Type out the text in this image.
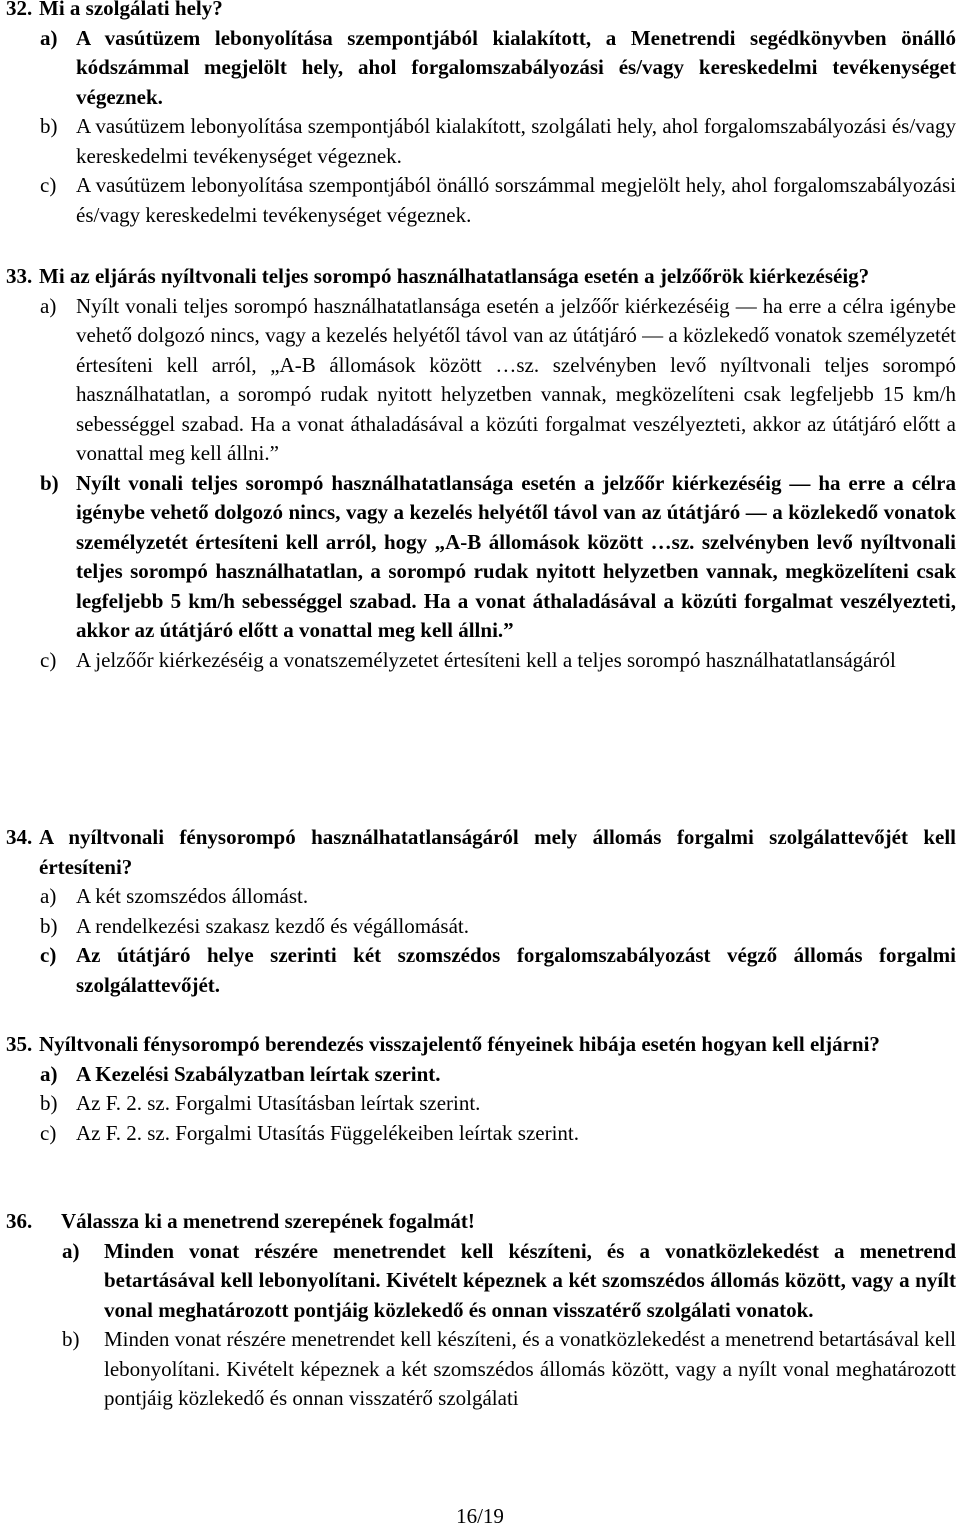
32. Mi a szolgálati hely?
a) A vasútüzem lebonyolítása szempontjából kialakított, a Menetrendi segédkönyvben önálló kódszámmal megjelölt hely, ahol forgalomszabályozási és/vagy kereskedelmi tevékenységet végeznek.
b) A vasútüzem lebonyolítása szempontjából kialakított, szolgálati hely, ahol forgalomszabályozási és/vagy kereskedelmi tevékenységet végeznek.
c) A vasútüzem lebonyolítása szempontjából önálló sorszámmal megjelölt hely, ahol forgalomszabályozási és/vagy kereskedelmi tevékenységet végeznek.
33. Mi az eljárás nyíltvonali teljes sorompó használhatatlansága esetén a jelzőőrök kiérkezéséig?
a) Nyílt vonali teljes sorompó használhatatlansága esetén a jelzőőr kiérkezéséig — ha erre a célra igénybe vehető dolgozó nincs, vagy a kezelés helyétől távol van az útátjáró — a közlekedő vonatok személyzetét értesíteni kell arról, „A-B állomások között …sz. szelvényben levő nyíltvonali teljes sorompó használhatatlan, a sorompó rudak nyitott helyzetben vannak, megközelíteni csak legfeljebb 15 km/h sebességgel szabad. Ha a vonat áthaladásával a közúti forgalmat veszélyezteti, akkor az útátjáró előtt a vonattal meg kell állni.”
b) Nyílt vonali teljes sorompó használhatatlansága esetén a jelzőőr kiérkezéséig — ha erre a célra igénybe vehető dolgozó nincs, vagy a kezelés helyétől távol van az útátjáró — a közlekedő vonatok személyzetét értesíteni kell arról, hogy „A-B állomások között …sz. szelvényben levő nyíltvonali teljes sorompó használhatatlan, a sorompó rudak nyitott helyzetben vannak, megközelíteni csak legfeljebb 5 km/h sebességgel szabad. Ha a vonat áthaladásával a közúti forgalmat veszélyezteti, akkor az útátjáró előtt a vonattal meg kell állni.”
c) A jelzőőr kiérkezéséig a vonatszemélyzetet értesíteni kell a teljes sorompó használhatatlanságáról
34. A nyíltvonali fénysorompó használhatatlanságáról mely állomás forgalmi szolgálattevőjét kell értesíteni?
a) A két szomszédos állomást.
b) A rendelkezési szakasz kezdő és végállomását.
c) Az útátjáró helye szerinti két szomszédos forgalomszabályozást végző állomás forgalmi szolgálattevőjét.
35. Nyíltvonali fénysorompó berendezés visszajelentő fényeinek hibája esetén hogyan kell eljárni?
a) A Kezelési Szabályzatban leírtak szerint.
b) Az F. 2. sz. Forgalmi Utasításban leírtak szerint.
c) Az F. 2. sz. Forgalmi Utasítás Függelékeiben leírtak szerint.
36.	Válassza ki a menetrend szerepének fogalmát!
a)	Minden vonat részére menetrendet kell készíteni, és a vonatközlekedést a menetrend betartásával kell lebonyolítani. Kivételt képeznek a két szomszédos állomás között, vagy a nyílt vonal meghatározott pontjáig közlekedő és onnan visszatérő szolgálati vonatok.
b)	Minden vonat részére menetrendet kell készíteni, és a vonatközlekedést a menetrend betartásával kell lebonyolítani. Kivételt képeznek a két szomszédos állomás között, vagy a nyílt vonal meghatározott pontjáig közlekedő és onnan visszatérő szolgálati
16/19
